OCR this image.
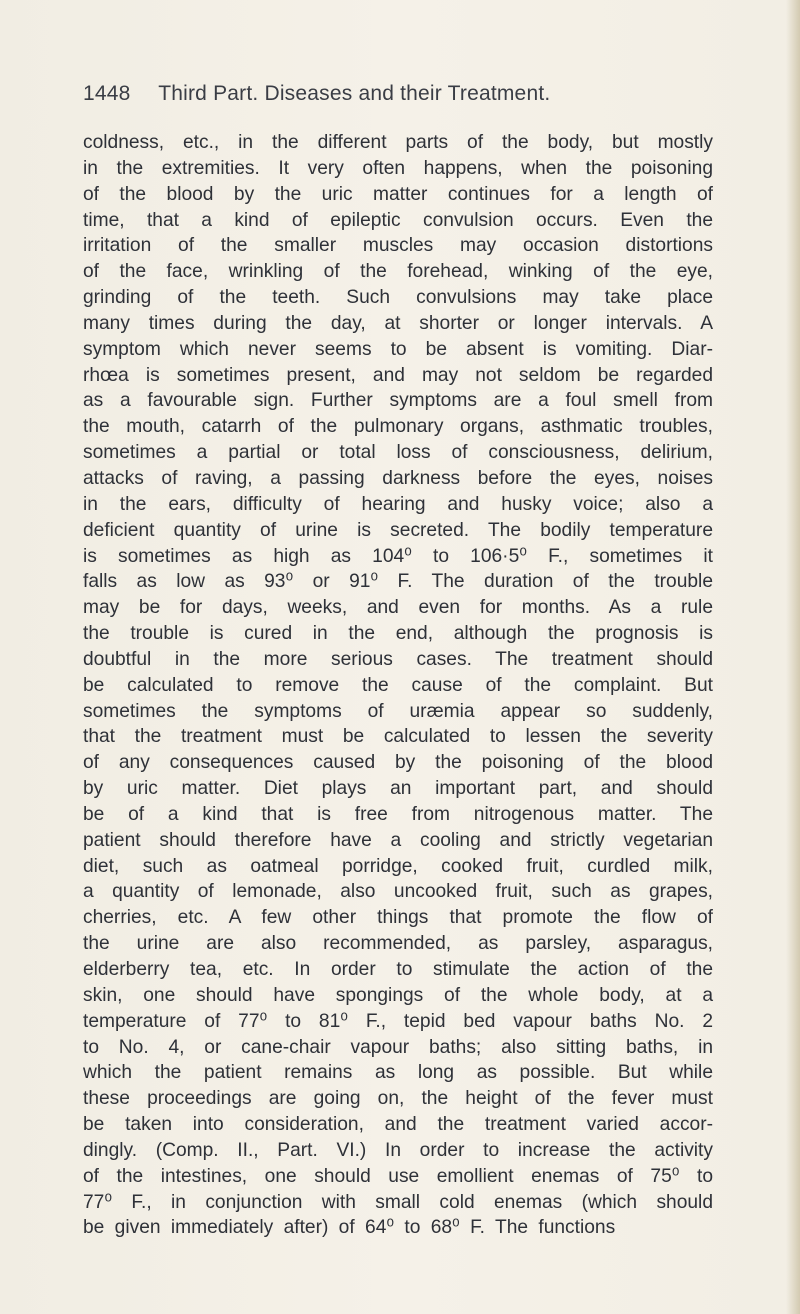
1448 Third Part. Diseases and their Treatment.
coldness, etc., in the different parts of the body, but mostly
in the extremities. It very often happens, when the poisoning
of the blood by the uric matter continues for a length of
time, that a kind of epileptic convulsion occurs. Even the
irritation of the smaller muscles may occasion distortions
of the face, wrinkling of the forehead, winking of the eye,
grinding of the teeth. Such convulsions may take place
many times during the day, at shorter or longer intervals. A
symptom which never seems to be absent is vomiting. Diar-
rhœa is sometimes present, and may not seldom be regarded
as a favourable sign. Further symptoms are a foul smell from
the mouth, catarrh of the pulmonary organs, asthmatic troubles,
sometimes a partial or total loss of consciousness, delirium,
attacks of raving, a passing darkness before the eyes, noises
in the ears, difficulty of hearing and husky voice; also a
deficient quantity of urine is secreted. The bodily temperature
is sometimes as high as 104⁰ to 106·5⁰ F., sometimes it
falls as low as 93⁰ or 91⁰ F. The duration of the trouble
may be for days, weeks, and even for months. As a rule
the trouble is cured in the end, although the prognosis is
doubtful in the more serious cases. The treatment should
be calculated to remove the cause of the complaint. But
sometimes the symptoms of uræmia appear so suddenly,
that the treatment must be calculated to lessen the severity
of any consequences caused by the poisoning of the blood
by uric matter. Diet plays an important part, and should
be of a kind that is free from nitrogenous matter. The
patient should therefore have a cooling and strictly vegetarian
diet, such as oatmeal porridge, cooked fruit, curdled milk,
a quantity of lemonade, also uncooked fruit, such as grapes,
cherries, etc. A few other things that promote the flow of
the urine are also recommended, as parsley, asparagus,
elderberry tea, etc. In order to stimulate the action of the
skin, one should have spongings of the whole body, at a
temperature of 77⁰ to 81⁰ F., tepid bed vapour baths No. 2
to No. 4, or cane-chair vapour baths; also sitting baths, in
which the patient remains as long as possible. But while
these proceedings are going on, the height of the fever must
be taken into consideration, and the treatment varied accor-
dingly. (Comp. II., Part. VI.) In order to increase the activity
of the intestines, one should use emollient enemas of 75⁰ to
77⁰ F., in conjunction with small cold enemas (which should
be given immediately after) of 64⁰ to 68⁰ F. The functions
